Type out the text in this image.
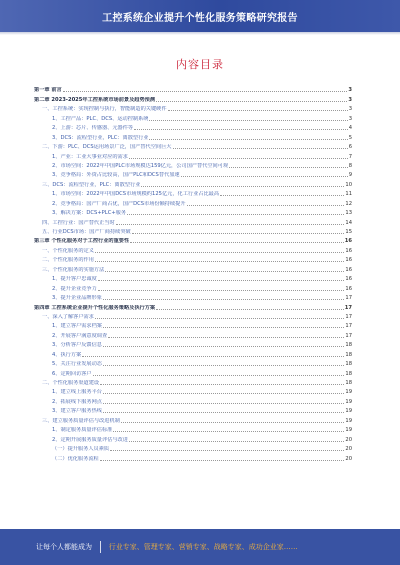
工控系统企业提升个性化服务策略研究报告
内容目录
第一章 前言	3
第二章 2023-2025年工控系统市场前景及趋势预测	3
一、工控系统：实现控制与执行，智能制造的关键硬件	3
1、工控产品：PLC、DCS、运动控制系统	3
2、上游：芯片、传感器、元器件等	4
3、DCS：流程型行业，PLC：离散型行业	5
二、下游：PLC、DCS运用场景广泛，国产替代空间巨大	6
1、产业：工业大事业对应的需求	7
2、市场空间：2022年中国PLC市场规模达159亿元，公司国产替代空间可观	8
3、竞争格局：外资占比较高，国产PLC和DCS替代加速	9
三、DCS：流程型行业，PLC：离散型行业	10
1、市场空间：2022年中国DCS市场规模约125亿元，化工行业占比最高	11
2、竞争格局：国产厂商占优，国产DCS市场份额持续提升	12
3、解决方案：DCS+PLC+服务	13
四、工控行业：国产替代正当时	14
五、行业DCS市场：国产厂商持续突破	15
第三章 个性化服务对于工控行业的重要性	16
一、个性化服务的定义	16
二、个性化服务的作用	16
三、个性化服务的实施方法	16
1、提升客户忠诚度	16
2、提升企业竞争力	16
3、提升企业品牌形象	17
第四章 工控系统企业提升个性化服务策略及执行方案	17
一、深入了解客户需求	17
1、建立客户需求档案	17
2、开展客户满意度调查	17
3、分析客户反馈信息	18
4、执行方案	18
5、关注行业发展动态	18
6、定期回访客户	18
二、个性化服务渠道建设	18
1、建立线上服务平台	19
2、拓展线下服务网点	19
3、建立客户服务热线	19
三、建立服务质量评估与改进机制	19
1、制定服务质量评估标准	19
2、定期开展服务质量评估与改进	20
（一）提升服务人员素质	20
（二）优化服务流程	20
让每个人都能成为 行业专家、管理专家、营销专家、战略专家、成功企业家……
